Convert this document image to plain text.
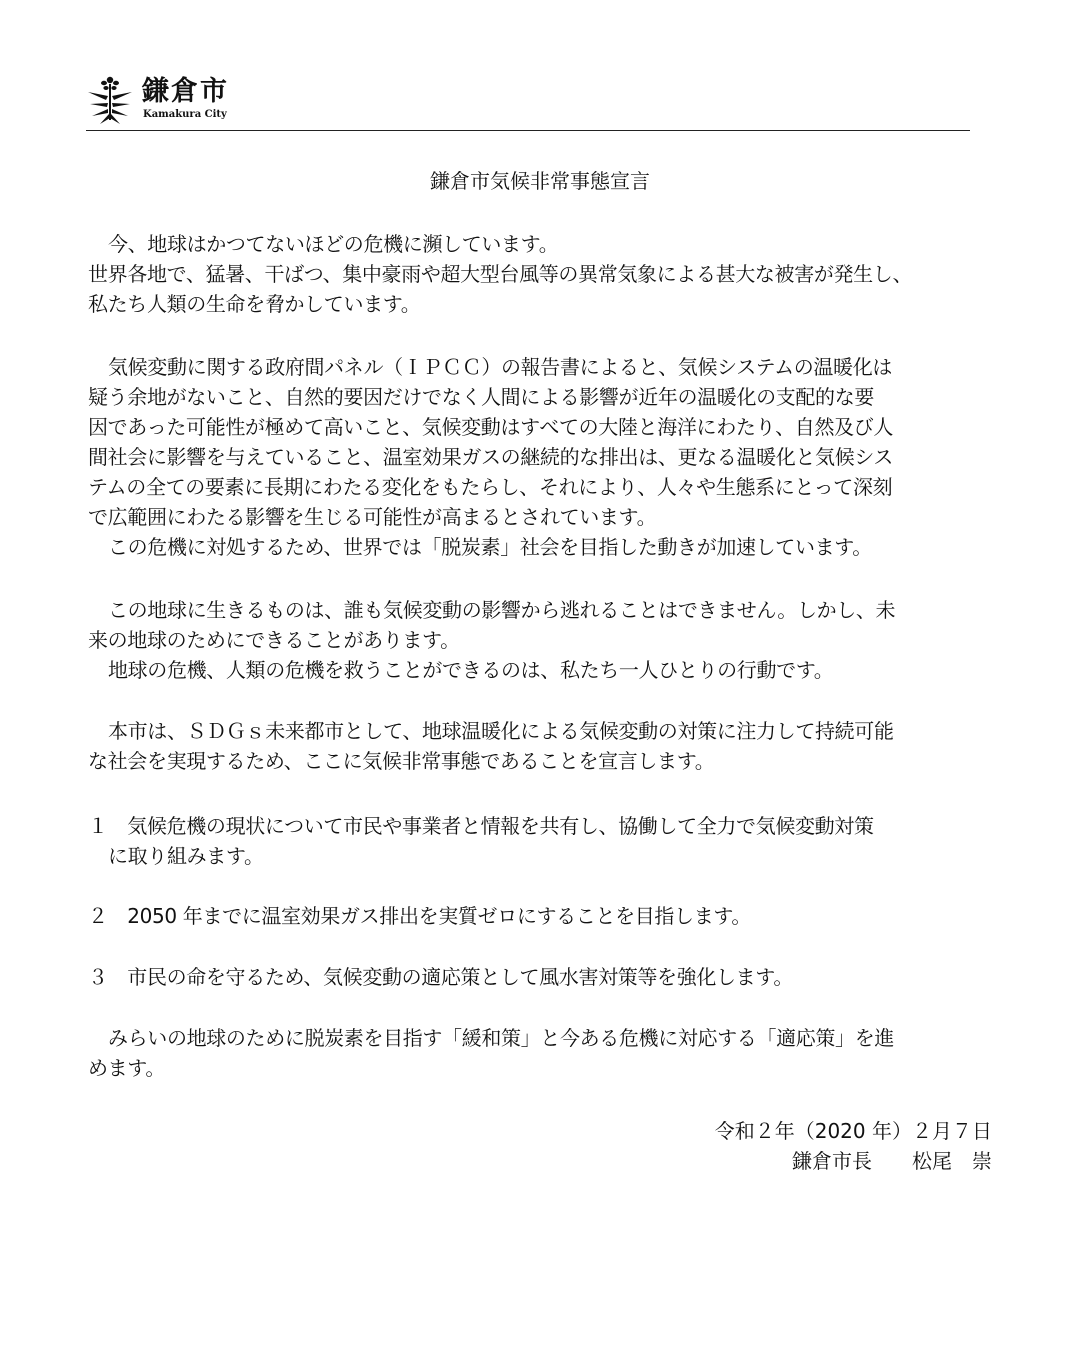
鎌倉市
Kamakura City
鎌倉市気候非常事態宣言
今、地球はかつてないほどの危機に瀕しています。
世界各地で、猛暑、干ばつ、集中豪雨や超大型台風等の異常気象による甚大な被害が発生し、
私たち人類の生命を脅かしています。
気候変動に関する政府間パネル（ＩＰＣＣ）の報告書によると、気候システムの温暖化は
疑う余地がないこと、自然的要因だけでなく人間による影響が近年の温暖化の支配的な要
因であった可能性が極めて高いこと、気候変動はすべての大陸と海洋にわたり、自然及び人
間社会に影響を与えていること、温室効果ガスの継続的な排出は、更なる温暖化と気候シス
テムの全ての要素に長期にわたる変化をもたらし、それにより、人々や生態系にとって深刻
で広範囲にわたる影響を生じる可能性が高まるとされています。
この危機に対処するため、世界では「脱炭素」社会を目指した動きが加速しています。
この地球に生きるものは、誰も気候変動の影響から逃れることはできません。しかし、未
来の地球のためにできることがあります。
地球の危機、人類の危機を救うことができるのは、私たち一人ひとりの行動です。
本市は、ＳＤＧｓ未来都市として、地球温暖化による気候変動の対策に注力して持続可能
な社会を実現するため、ここに気候非常事態であることを宣言します。
１　気候危機の現状について市民や事業者と情報を共有し、協働して全力で気候変動対策
に取り組みます。
２　2050 年までに温室効果ガス排出を実質ゼロにすることを目指します。
３　市民の命を守るため、気候変動の適応策として風水害対策等を強化します。
みらいの地球のために脱炭素を目指す「緩和策」と今ある危機に対応する「適応策」を進
めます。
令和２年（2020 年）２月７日
鎌倉市長　　松尾　崇
